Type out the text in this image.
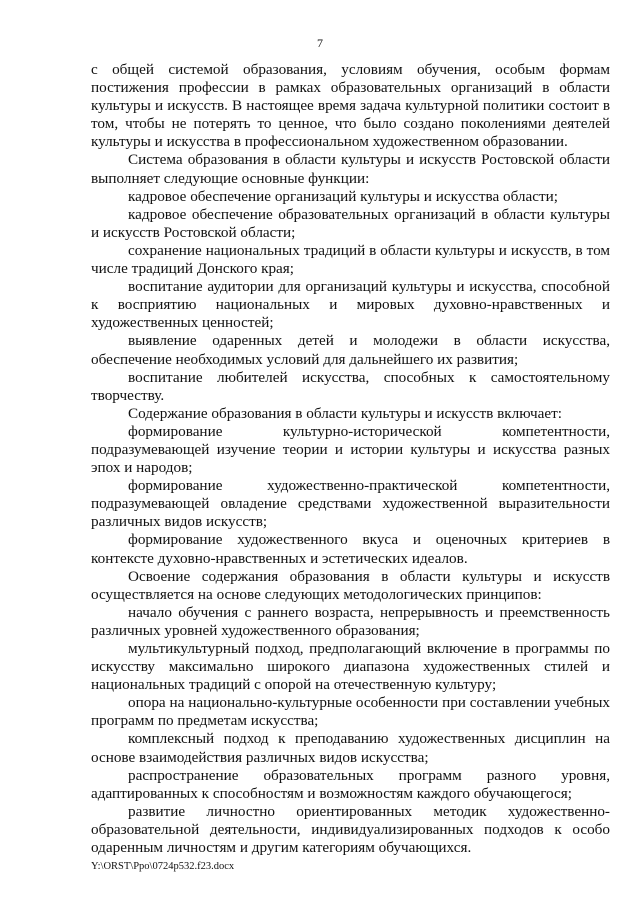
7

с общей системой образования, условиям обучения, особым формам постижения профессии в рамках образовательных организаций в области культуры и искусств. В настоящее время задача культурной политики состоит в том, чтобы не потерять то ценное, что было создано поколениями деятелей культуры и искусства в профессиональном художественном образовании.

Система образования в области культуры и искусств Ростовской области выполняет следующие основные функции:

кадровое обеспечение организаций культуры и искусства области;

кадровое обеспечение образовательных организаций в области культуры и искусств Ростовской области;

сохранение национальных традиций в области культуры и искусств, в том числе традиций Донского края;

воспитание аудитории для организаций культуры и искусства, способной к восприятию национальных и мировых духовно-нравственных и художественных ценностей;

выявление одаренных детей и молодежи в области искусства, обеспечение необходимых условий для дальнейшего их развития;

воспитание любителей искусства, способных к самостоятельному творчеству.

Содержание образования в области культуры и искусств включает:

формирование культурно-исторической компетентности, подразумевающей изучение теории и истории культуры и искусства разных эпох и народов;

формирование художественно-практической компетентности, подразумевающей овладение средствами художественной выразительности различных видов искусств;

формирование художественного вкуса и оценочных критериев в контексте духовно-нравственных и эстетических идеалов.

Освоение содержания образования в области культуры и искусств осуществляется на основе следующих методологических принципов:

начало обучения с раннего возраста, непрерывность и преемственность различных уровней художественного образования;

мультикультурный подход, предполагающий включение в программы по искусству максимально широкого диапазона художественных стилей и национальных традиций с опорой на отечественную культуру;

опора на национально-культурные особенности при составлении учебных программ по предметам искусства;

комплексный подход к преподаванию художественных дисциплин на основе взаимодействия различных видов искусства;

распространение образовательных программ разного уровня, адаптированных к способностям и возможностям каждого обучающегося;

развитие личностно ориентированных методик художественно-образовательной деятельности, индивидуализированных подходов к особо одаренным личностям и другим категориям обучающихся.

Y:\ORST\Ppo\0724p532.f23.docx
